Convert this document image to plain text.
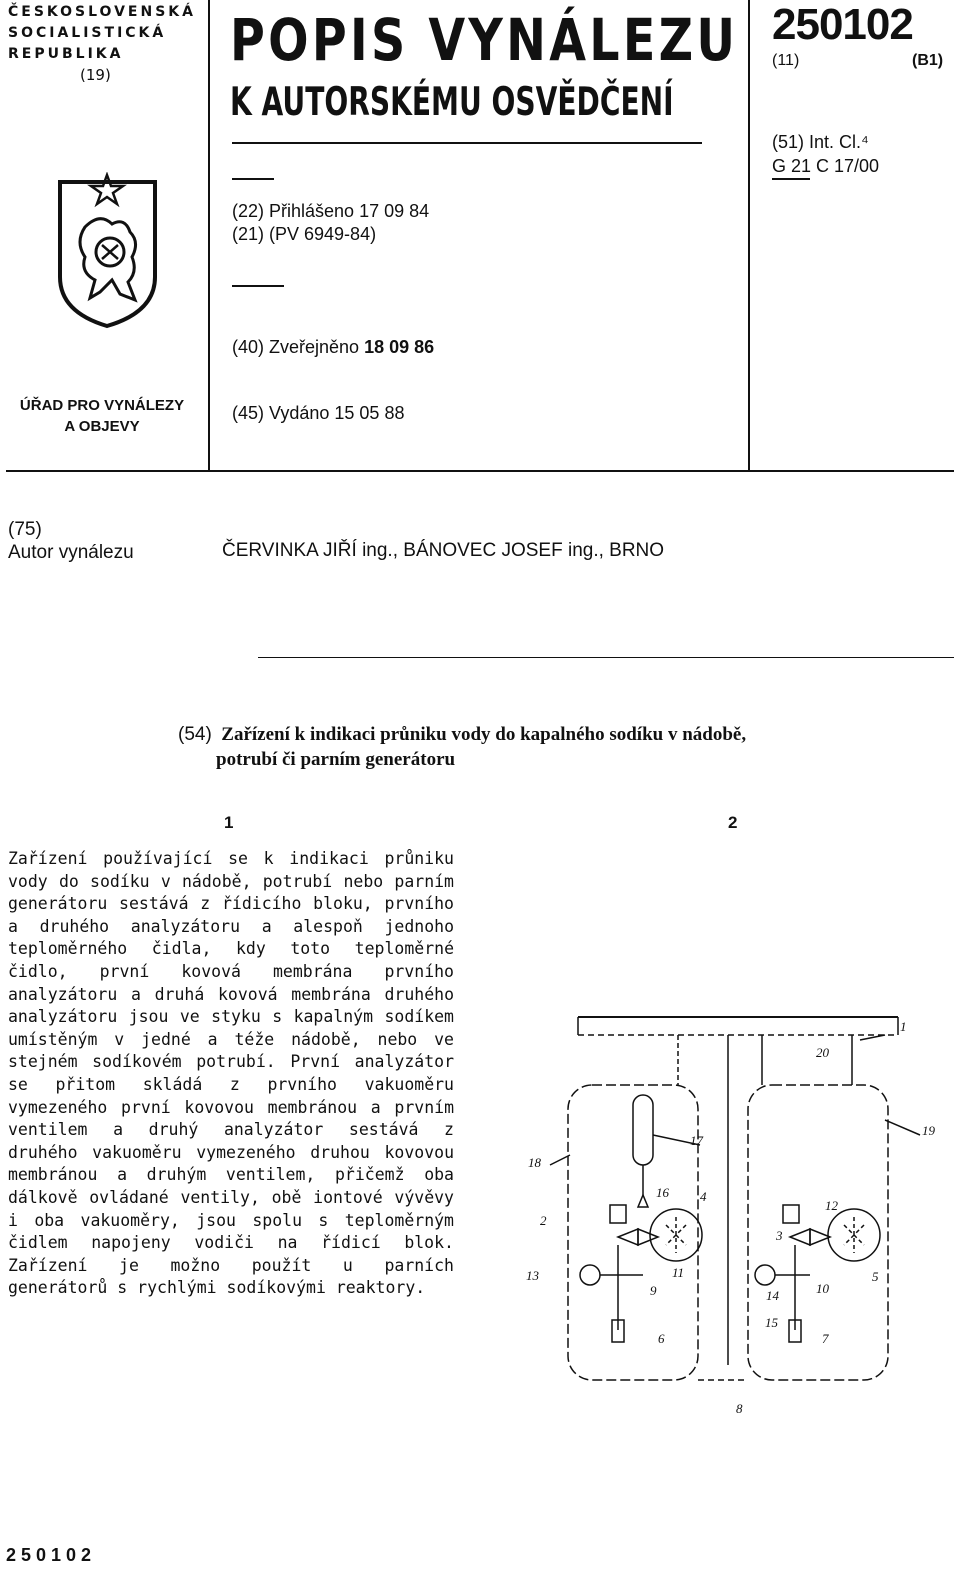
ČESKOSLOVENSKÁ
SOCIALISTICKÁ
REPUBLIKA
(19)
ÚŘAD PRO VYNÁLEZY
A OBJEVY
POPIS VYNÁLEZU
K AUTORSKÉMU OSVĚDČENÍ
250102
(11)	(B1)
(51) Int. Cl.⁴
G 21 C 17/00
(22) Přihlášeno 17 09 84
(21) (PV 6949-84)
(40) Zveřejněno 18 09 86
(45) Vydáno 15 05 88
(75)
Autor vynálezu	ČERVINKA JIŘÍ ing., BÁNOVEC JOSEF ing., BRNO
(54) Zařízení k indikaci průniku vody do kapalného sodíku v nádobě,
potrubí či parním generátoru
1	2

Zařízení používající se k indikaci průniku vody do sodíku v nádobě, potrubí nebo parním generátoru sestává z řídicího bloku, prvního a druhého analyzátoru a alespoň jednoho teploměrného čidla, kdy toto teploměrné čidlo, první kovová membrána prvního analyzátoru a druhá kovová membrána druhého analyzátoru jsou ve styku s kapalným sodíkem umístěným v jedné a téže nádobě, nebo ve stejném sodíkovém potrubí. První analyzátor se přitom skládá z prvního vakuoměru vymezeného první kovovou membránou a prvním ventilem a druhý analyzátor sestává z druhého vakuoměru vymezeného druhou kovovou membránou a druhým ventilem, přičemž oba dálkově ovládané ventily, obě iontové vývěvy i oba vakuoměry, jsou spolu s teploměrným čidlem napojeny vodiči na řídicí blok. Zařízení je možno použít u parních generátorů s rychlými sodíkovými reaktory.

1
20
19
17
18
16 4
12
2
3
13	11
9	14	10
5
15
6	7
8
250102
